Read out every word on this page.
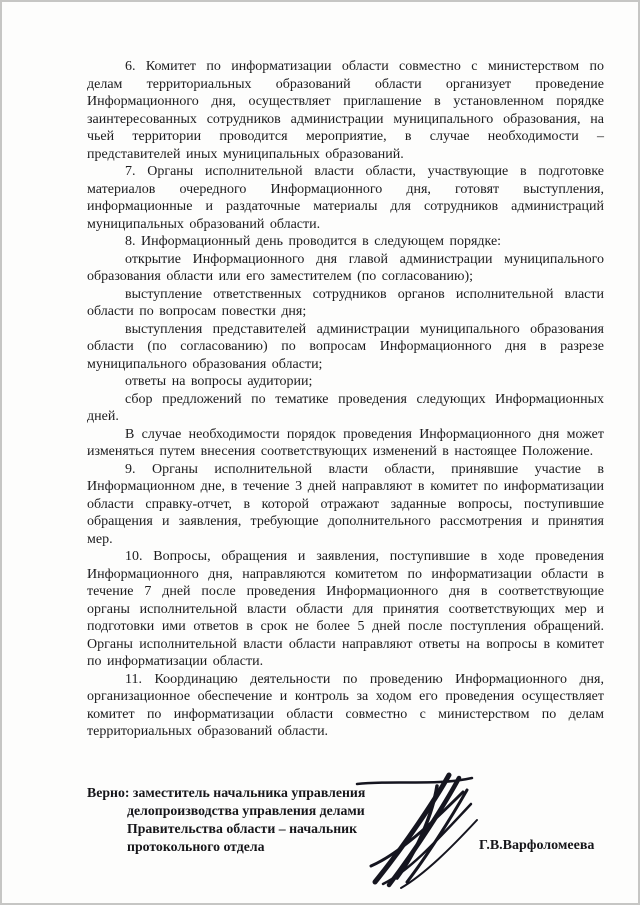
6. Комитет по информатизации области совместно с министерством по делам территориальных образований области организует проведение Информационного дня, осуществляет приглашение в установленном порядке заинтересованных сотрудников администрации муниципального образования, на чьей территории проводится мероприятие, в случае необходимости – представителей иных муниципальных образований.

7. Органы исполнительной власти области, участвующие в подготовке материалов очередного Информационного дня, готовят выступления, информационные и раздаточные материалы для сотрудников администраций муниципальных образований области.

8. Информационный день проводится в следующем порядке:

открытие Информационного дня главой администрации муниципального образования области или его заместителем (по согласованию);

выступление ответственных сотрудников органов исполнительной власти области по вопросам повестки дня;

выступления представителей администрации муниципального образования области (по согласованию) по вопросам Информационного дня в разрезе муниципального образования области;

ответы на вопросы аудитории;

сбор предложений по тематике проведения следующих Информационных дней.

В случае необходимости порядок проведения Информационного дня может изменяться путем внесения соответствующих изменений в настоящее Положение.

9. Органы исполнительной власти области, принявшие участие в Информационном дне, в течение 3 дней направляют в комитет по информатизации области справку-отчет, в которой отражают заданные вопросы, поступившие обращения и заявления, требующие дополнительного рассмотрения и принятия мер.

10. Вопросы, обращения и заявления, поступившие в ходе проведения Информационного дня, направляются комитетом по информатизации области в течение 7 дней после проведения Информационного дня в соответствующие органы исполнительной власти области для принятия соответствующих мер и подготовки ими ответов в срок не более 5 дней после поступления обращений. Органы исполнительной власти области направляют ответы на вопросы в комитет по информатизации области.

11. Координацию деятельности по проведению Информационного дня, организационное обеспечение и контроль за ходом его проведения осуществляет комитет по информатизации области совместно с министерством по делам территориальных образований области.

Верно: заместитель начальника управления
делопроизводства управления делами
Правительства области – начальник
протокольного отдела	Г.В.Варфоломеева
